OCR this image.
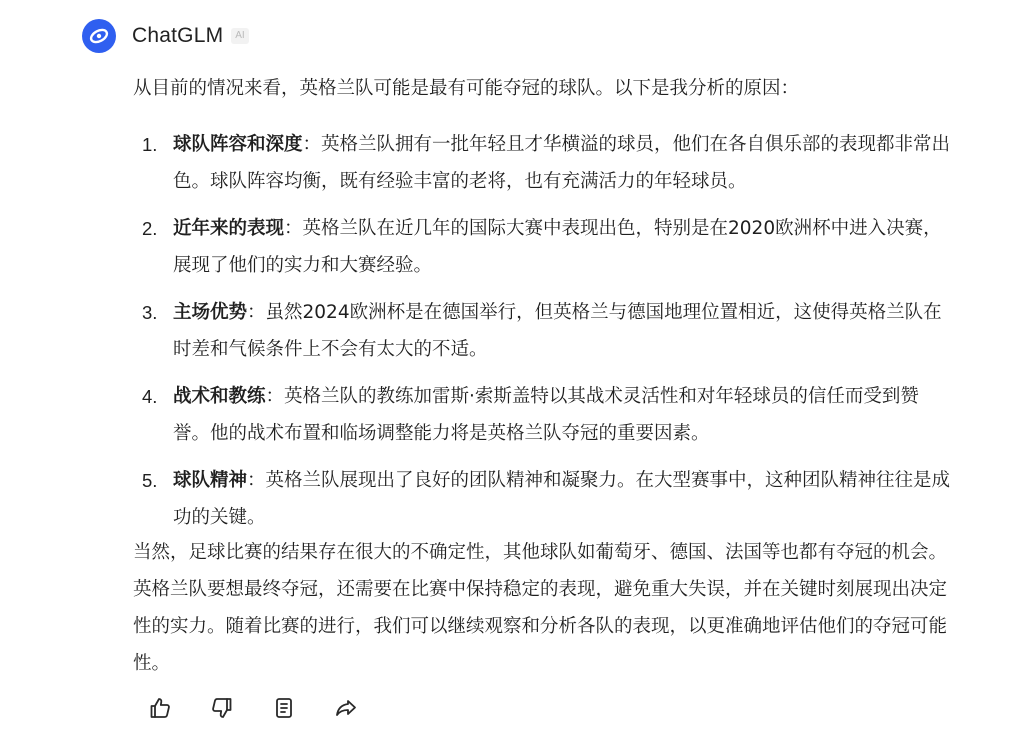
ChatGLM	AI

从目前的情况来看，英格兰队可能是最有可能夺冠的球队。以下是我分析的原因：

1. 球队阵容和深度：英格兰队拥有一批年轻且才华横溢的球员，他们在各自俱乐部的表现都非常出色。球队阵容均衡，既有经验丰富的老将，也有充满活力的年轻球员。
2. 近年来的表现：英格兰队在近几年的国际大赛中表现出色，特别是在2020欧洲杯中进入决赛，展现了他们的实力和大赛经验。
3. 主场优势：虽然2024欧洲杯是在德国举行，但英格兰与德国地理位置相近，这使得英格兰队在时差和气候条件上不会有太大的不适。
4. 战术和教练：英格兰队的教练加雷斯·索斯盖特以其战术灵活性和对年轻球员的信任而受到赞誉。他的战术布置和临场调整能力将是英格兰队夺冠的重要因素。
5. 球队精神：英格兰队展现出了良好的团队精神和凝聚力。在大型赛事中，这种团队精神往往是成功的关键。

当然，足球比赛的结果存在很大的不确定性，其他球队如葡萄牙、德国、法国等也都有夺冠的机会。英格兰队要想最终夺冠，还需要在比赛中保持稳定的表现，避免重大失误，并在关键时刻展现出决定性的实力。随着比赛的进行，我们可以继续观察和分析各队的表现，以更准确地评估他们的夺冠可能性。
